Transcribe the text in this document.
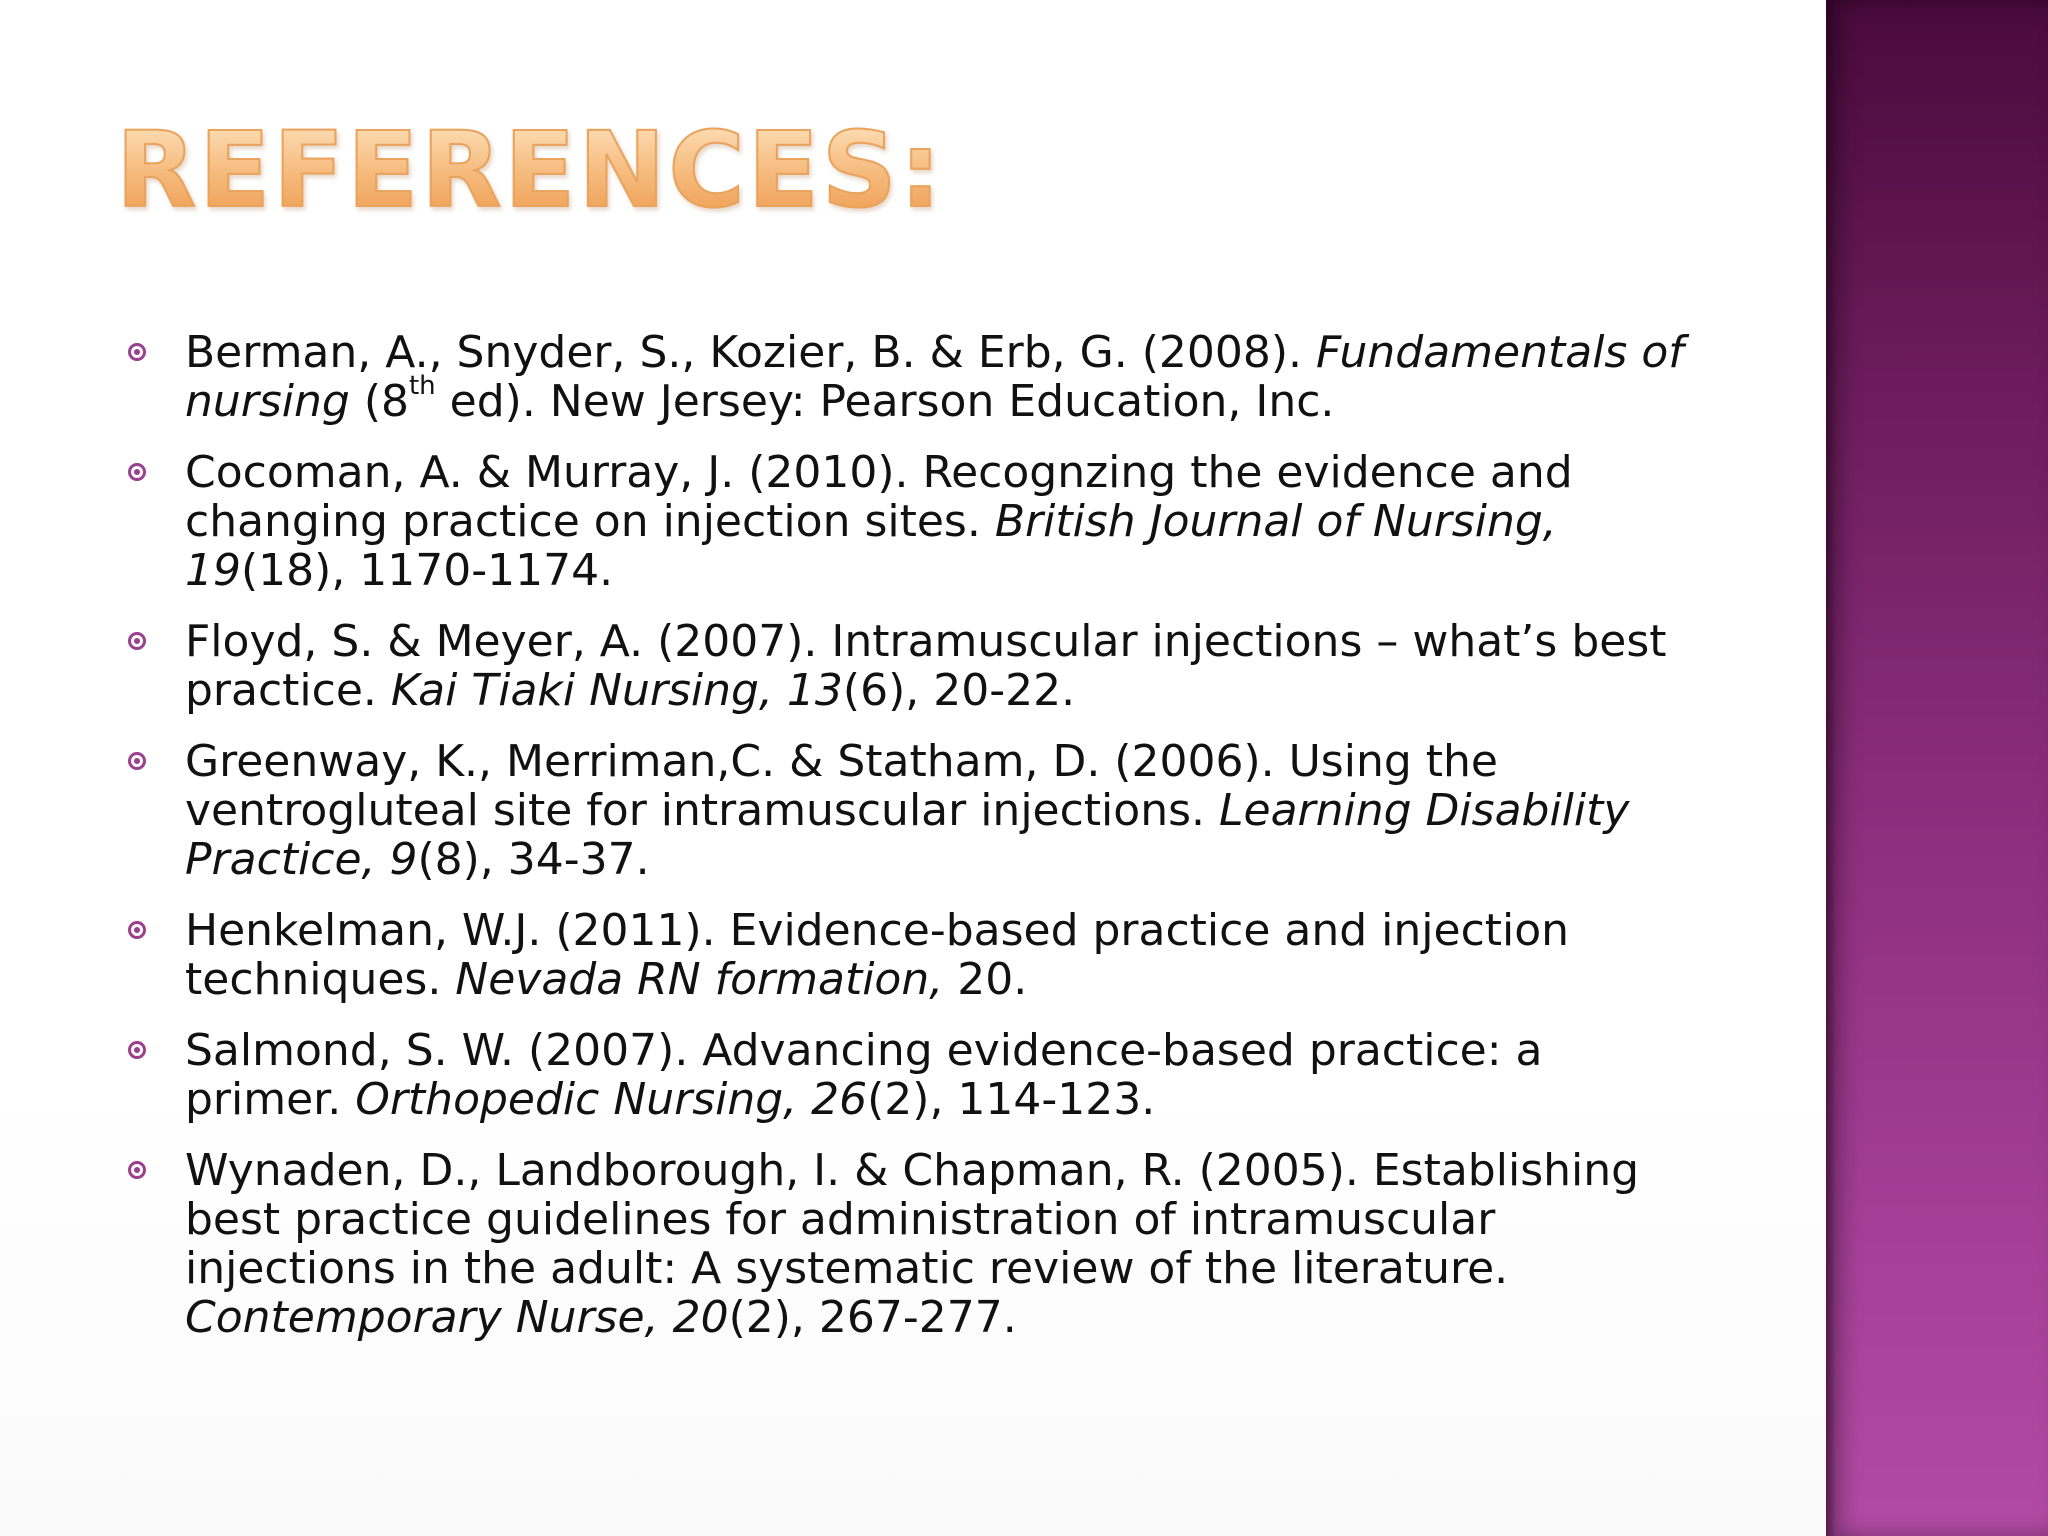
REFERENCES:
Berman, A., Snyder, S., Kozier, B. & Erb, G. (2008). Fundamentals of nursing (8th ed). New Jersey: Pearson Education, Inc.
Cocoman, A. & Murray, J. (2010). Recognzing the evidence and changing practice on injection sites. British Journal of Nursing, 19(18), 1170-1174.
Floyd, S. & Meyer, A. (2007). Intramuscular injections – what’s best practice. Kai Tiaki Nursing, 13(6), 20-22.
Greenway, K., Merriman,C. & Statham, D. (2006). Using the ventrogluteal site for intramuscular injections. Learning Disability Practice, 9(8), 34-37.
Henkelman, W.J. (2011). Evidence-based practice and injection techniques. Nevada RN formation, 20.
Salmond, S. W. (2007). Advancing evidence-based practice: a primer. Orthopedic Nursing, 26(2), 114-123.
Wynaden, D., Landborough, I. & Chapman, R. (2005). Establishing best practice guidelines for administration of intramuscular injections in the adult: A systematic review of the literature. Contemporary Nurse, 20(2), 267-277.
